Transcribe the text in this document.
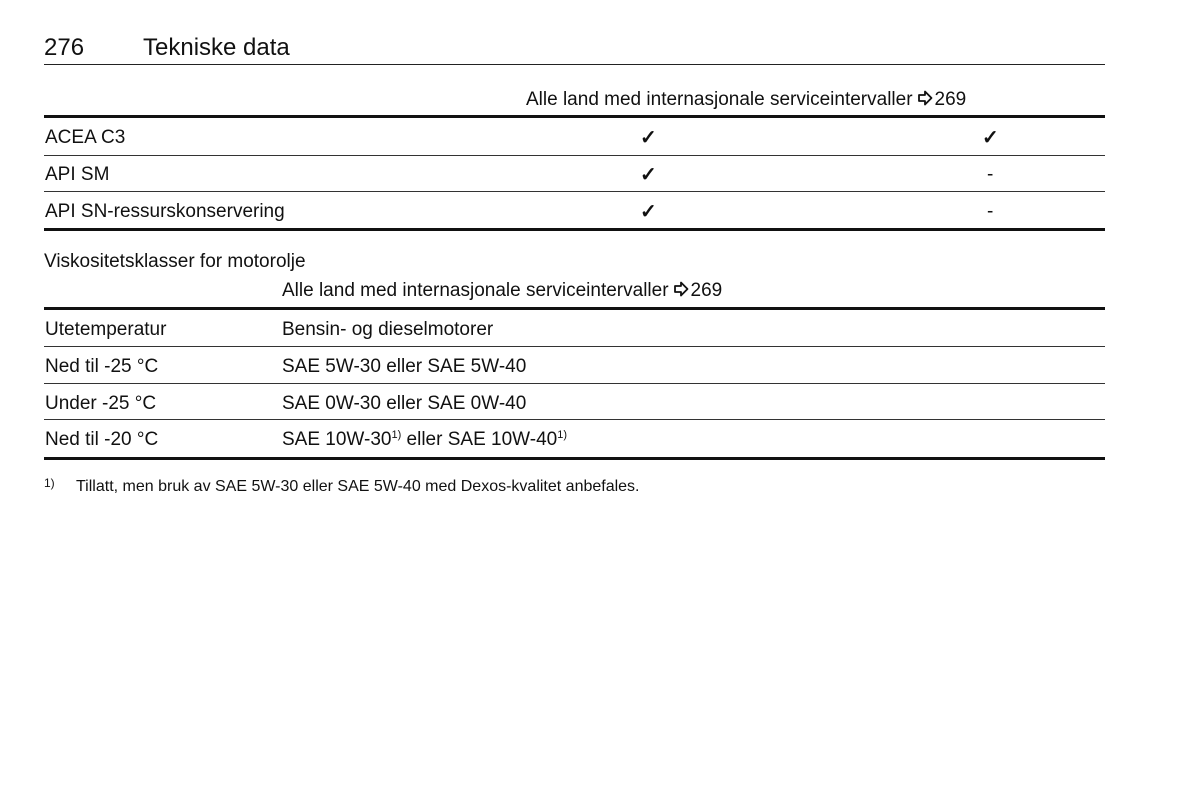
276 Tekniske data
Alle land med internasjonale serviceintervaller 269
ACEA C3	✓	✓
API SM	✓	-
API SN-ressurskonservering	✓	-
Viskositetsklasser for motorolje
Alle land med internasjonale serviceintervaller 269
Utetemperatur	Bensin- og dieselmotorer
Ned til -25 °C	SAE 5W-30 eller SAE 5W-40
Under -25 °C	SAE 0W-30 eller SAE 0W-40
Ned til -20 °C	SAE 10W-30$^{1)}$ eller SAE 10W-40$^{1)}$
1) Tillatt, men bruk av SAE 5W-30 eller SAE 5W-40 med Dexos-kvalitet anbefales.
